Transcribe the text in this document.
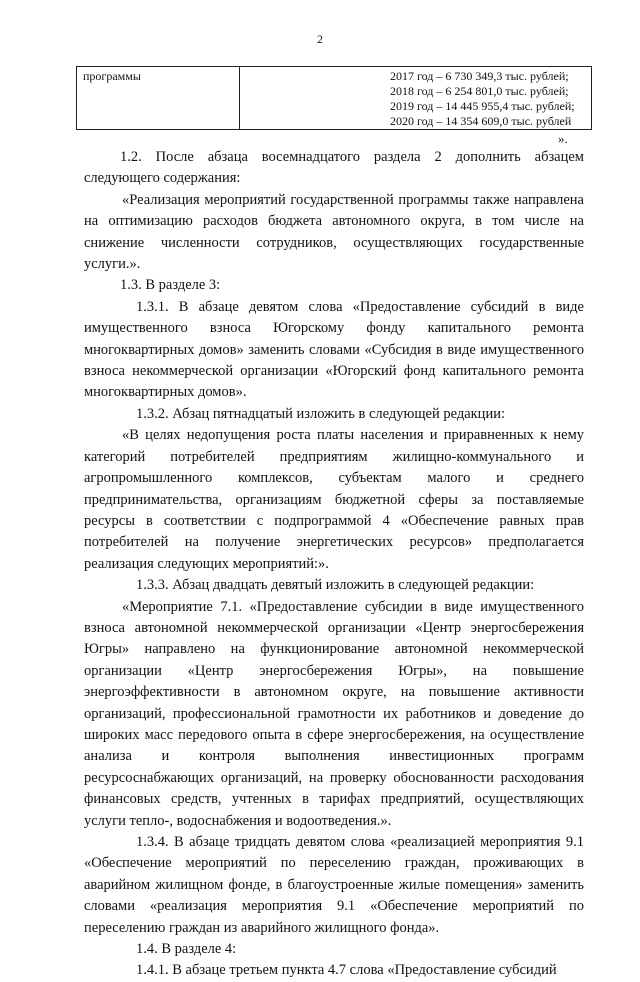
2
программы	2017 год – 6 730 349,3 тыс. рублей;
2018 год – 6 254 801,0 тыс. рублей;
2019 год – 14 445 955,4 тыс. рублей;
2020 год – 14 354 609,0 тыс. рублей
».

1.2. После абзаца восемнадцатого раздела 2 дополнить абзацем следующего содержания:

«Реализация мероприятий государственной программы также направлена на оптимизацию расходов бюджета автономного округа, в том числе на снижение численности сотрудников, осуществляющих государственные услуги.».

1.3. В разделе 3:

1.3.1. В абзаце девятом слова «Предоставление субсидий в виде имущественного взноса Югорскому фонду капитального ремонта многоквартирных домов» заменить словами «Субсидия в виде имущественного взноса некоммерческой организации «Югорский фонд капитального ремонта многоквартирных домов».

1.3.2. Абзац пятнадцатый изложить в следующей редакции:

«В целях недопущения роста платы населения и приравненных к нему категорий потребителей предприятиям жилищно-коммунального и агропромышленного комплексов, субъектам малого и среднего предпринимательства, организациям бюджетной сферы за поставляемые ресурсы в соответствии с подпрограммой 4 «Обеспечение равных прав потребителей на получение энергетических ресурсов» предполагается реализация следующих мероприятий:».

1.3.3. Абзац двадцать девятый изложить в следующей редакции:

«Мероприятие 7.1. «Предоставление субсидии в виде имущественного взноса автономной некоммерческой организации «Центр энергосбережения Югры» направлено на функционирование автономной некоммерческой организации «Центр энергосбережения Югры», на повышение энергоэффективности в автономном округе, на повышение активности организаций, профессиональной грамотности их работников и доведение до широких масс передового опыта в сфере энергосбережения, на осуществление анализа и контроля выполнения инвестиционных программ ресурсоснабжающих организаций, на проверку обоснованности расходования финансовых средств, учтенных в тарифах предприятий, осуществляющих услуги тепло-, водоснабжения и водоотведения.».

1.3.4. В абзаце тридцать девятом слова «реализацией мероприятия 9.1 «Обеспечение мероприятий по переселению граждан, проживающих в аварийном жилищном фонде, в благоустроенные жилые помещения» заменить словами «реализация мероприятия 9.1 «Обеспечение мероприятий по переселению граждан из аварийного жилищного фонда».

1.4. В разделе 4:

1.4.1. В абзаце третьем пункта 4.7 слова «Предоставление субсидий
